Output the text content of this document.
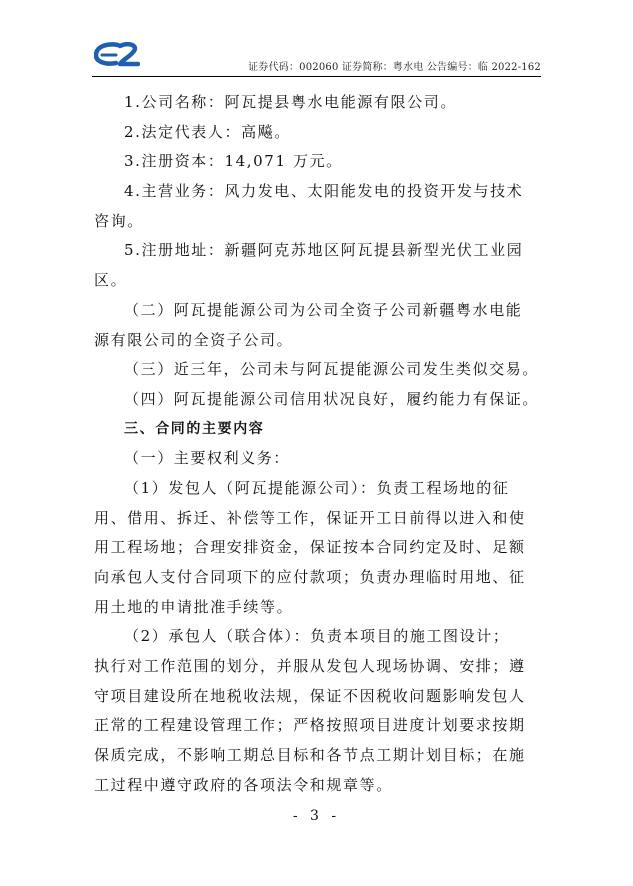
证券代码：002060 证券简称：粤水电 公告编号：临 2022-162
1.公司名称：阿瓦提县粤水电能源有限公司。
2.法定代表人：高飚。
3.注册资本：14,071 万元。
4.主营业务：风力发电、太阳能发电的投资开发与技术
咨询。
5.注册地址：新疆阿克苏地区阿瓦提县新型光伏工业园
区。
（二）阿瓦提能源公司为公司全资子公司新疆粤水电能
源有限公司的全资子公司。
（三）近三年，公司未与阿瓦提能源公司发生类似交易。
（四）阿瓦提能源公司信用状况良好，履约能力有保证。
三、合同的主要内容
（一）主要权利义务：
（1）发包人（阿瓦提能源公司）：负责工程场地的征
用、借用、拆迁、补偿等工作，保证开工日前得以进入和使
用工程场地；合理安排资金，保证按本合同约定及时、足额
向承包人支付合同项下的应付款项；负责办理临时用地、征
用土地的申请批准手续等。
（2）承包人（联合体）：负责本项目的施工图设计；
执行对工作范围的划分，并服从发包人现场协调、安排；遵
守项目建设所在地税收法规，保证不因税收问题影响发包人
正常的工程建设管理工作；严格按照项目进度计划要求按期
保质完成，不影响工期总目标和各节点工期计划目标；在施
工过程中遵守政府的各项法令和规章等。
- 3 -
